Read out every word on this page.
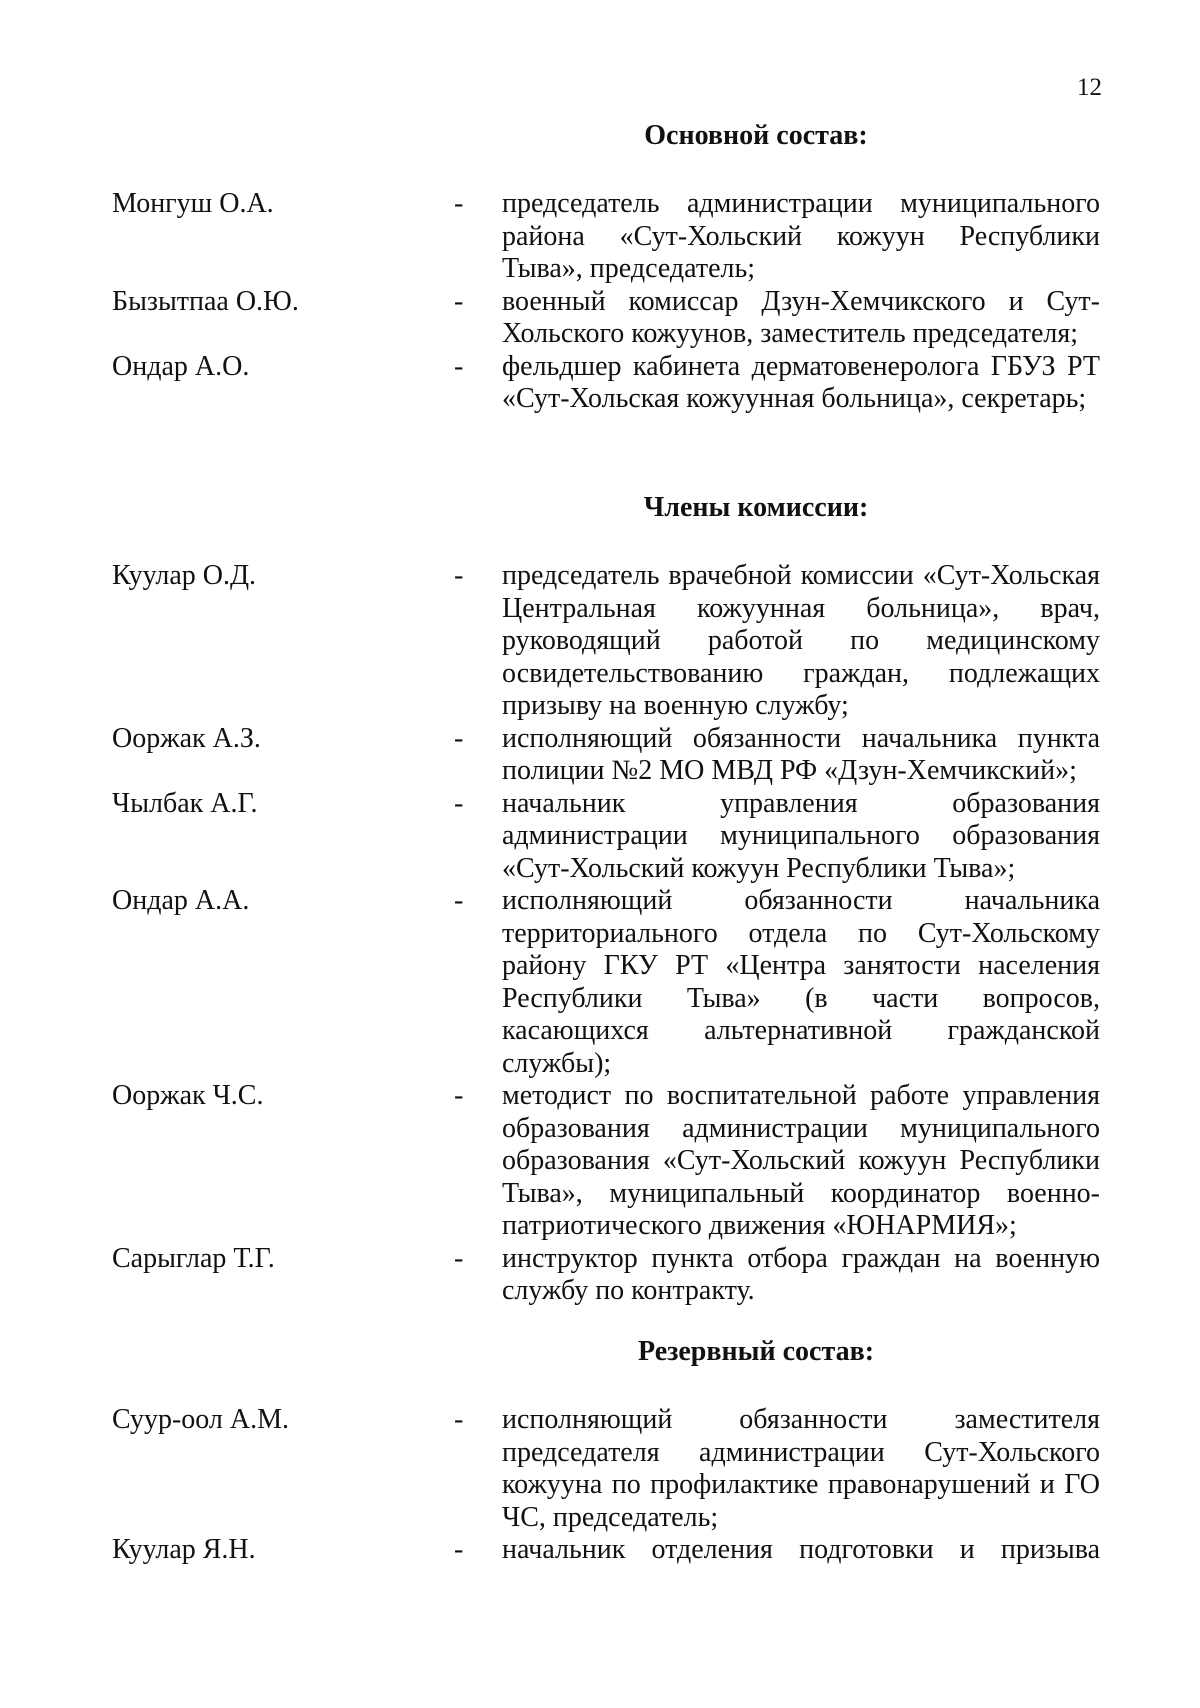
12
Основной состав:
Монгуш О.А.	- председатель администрации муниципального района «Сут-Хольский кожуун Республики Тыва», председатель;
Бызытпаа О.Ю.	- военный комиссар Дзун-Хемчикского и Сут-Хольского кожуунов, заместитель председателя;
Ондар А.О.	- фельдшер кабинета дерматовенеролога ГБУЗ РТ «Сут-Хольская кожуунная больница», секретарь;
Члены комиссии:
Куулар О.Д.	- председатель врачебной комиссии «Сут-Хольская Центральная кожуунная больница», врач, руководящий работой по медицинскому освидетельствованию граждан, подлежащих призыву на военную службу;
Ооржак А.З.	- исполняющий обязанности начальника пункта полиции №2 МО МВД РФ «Дзун-Хемчикский»;
Чылбак А.Г.	- начальник управления образования администрации муниципального образования «Сут-Хольский кожуун Республики Тыва»;
Ондар А.А.	- исполняющий обязанности начальника территориального отдела по Сут-Хольскому району ГКУ РТ «Центра занятости населения Республики Тыва» (в части вопросов, касающихся альтернативной гражданской службы);
Ооржак Ч.С.	- методист по воспитательной работе управления образования администрации муниципального образования «Сут-Хольский кожуун Республики Тыва», муниципальный координатор военно-патриотического движения «ЮНАРМИЯ»;
Сарыглар Т.Г.	- инструктор пункта отбора граждан на военную службу по контракту.
Резервный состав:
Суур-оол А.М.	- исполняющий обязанности заместителя председателя администрации Сут-Хольского кожууна по профилактике правонарушений и ГО ЧС, председатель;
Куулар Я.Н.	- начальник отделения подготовки и призыва
